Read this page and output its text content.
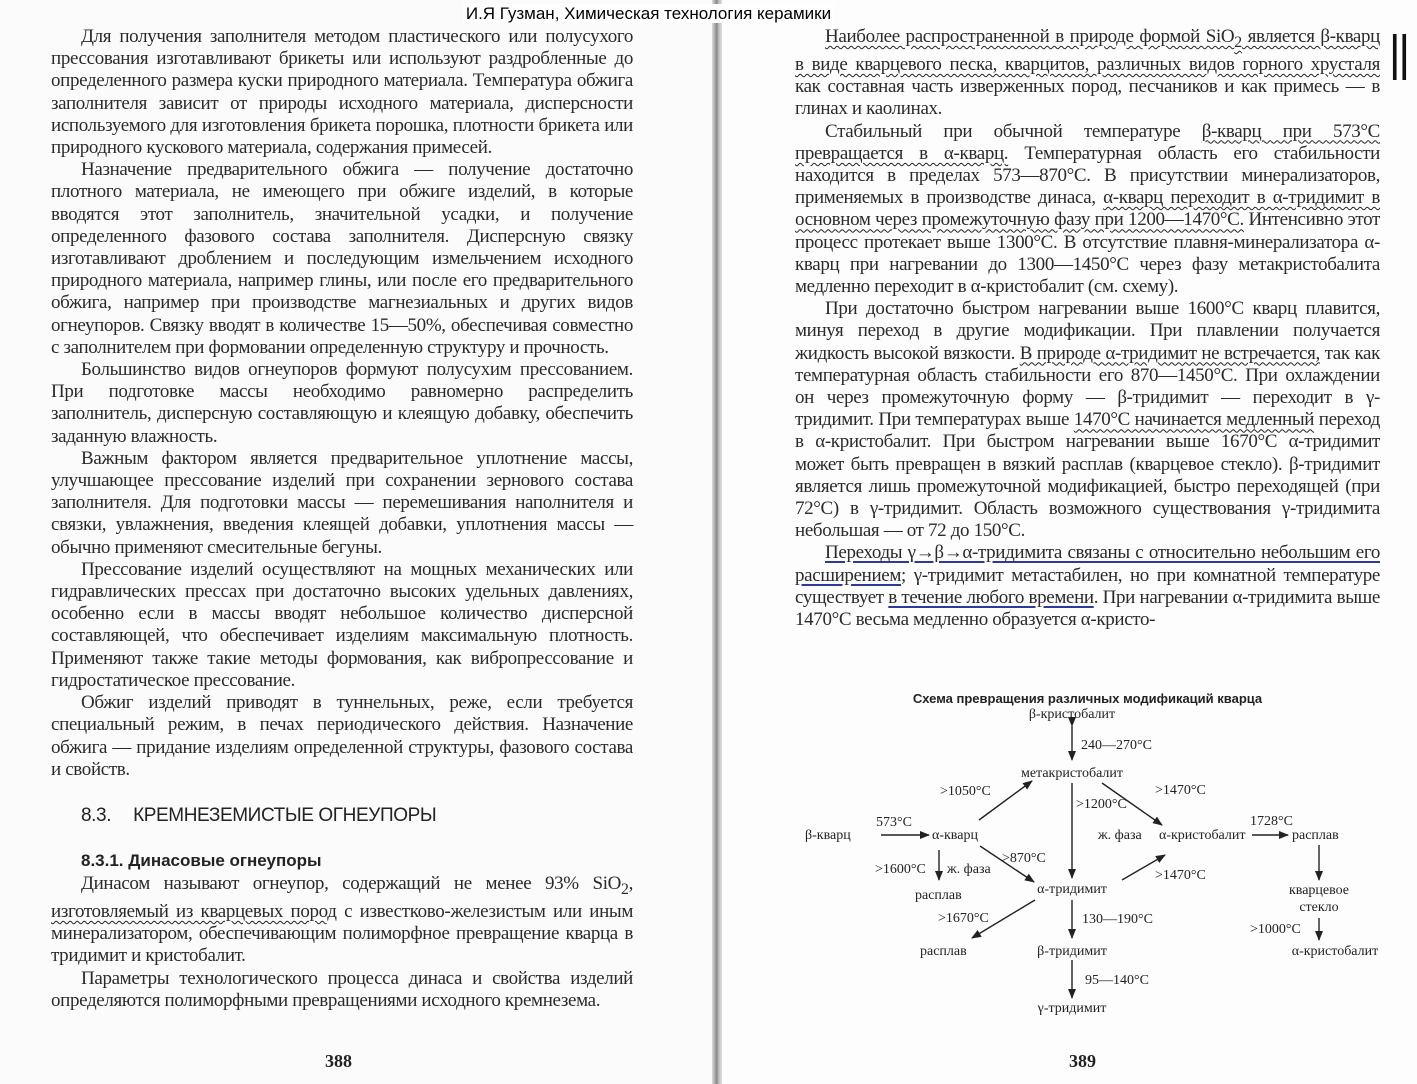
И.Я Гузман, Химическая технология керамики

Для получения заполнителя методом пластического или полусухого прессования изготавливают брикеты или используют раздробленные до определенного размера куски природного материала. Температура обжига заполнителя зависит от природы исходного материала, дисперсности используемого для изготовления брикета порошка, плотности брикета или природного кускового материала, содержания примесей.

Назначение предварительного обжига — получение достаточно плотного материала, не имеющего при обжиге изделий, в которые вводятся этот заполнитель, значительной усадки, и получение определенного фазового состава заполнителя. Дисперсную связку изготавливают дроблением и последующим измельчением исходного природного материала, например глины, или после его предварительного обжига, например при производстве магнезиальных и других видов огнеупоров. Связку вводят в количестве 15—50%, обеспечивая совместно с заполнителем при формовании определенную структуру и прочность.

Большинство видов огнеупоров формуют полусухим прессованием. При подготовке массы необходимо равномерно распределить заполнитель, дисперсную составляющую и клеящую добавку, обеспечить заданную влажность.

Важным фактором является предварительное уплотнение массы, улучшающее прессование изделий при сохранении зернового состава заполнителя. Для подготовки массы — перемешивания наполнителя и связки, увлажнения, введения клеящей добавки, уплотнения массы — обычно применяют смесительные бегуны.

Прессование изделий осуществляют на мощных механических или гидравлических прессах при достаточно высоких удельных давлениях, особенно если в массы вводят небольшое количество дисперсной составляющей, что обеспечивает изделиям максимальную плотность. Применяют также такие методы формования, как вибропрессование и гидростатическое прессование.

Обжиг изделий приводят в туннельных, реже, если требуется специальный режим, в печах периодического действия. Назначение обжига — придание изделиям определенной структуры, фазового состава и свойств.

8.3. КРЕМНЕЗЕМИСТЫЕ ОГНЕУПОРЫ
8.3.1. Динасовые огнеупоры

Динасом называют огнеупор, содержащий не менее 93% SiO$_2$, изготовляемый из кварцевых пород с известково-железистым или иным минерализатором, обеспечивающим полиморфное превращение кварца в тридимит и кристобалит.

Параметры технологического процесса динаса и свойства изделий определяются полиморфными превращениями исходного кремнезема.

388
||

Наиболее распространенной в природе формой SiO$_2$ является β-кварц в виде кварцевого песка, кварцитов, различных видов горного хрусталя как составная часть изверженных пород, песчаников и как примесь — в глинах и каолинах.

Стабильный при обычной температуре β-кварц при 573°С превращается в α-кварц. Температурная область его стабильности находится в пределах 573—870°С. В присутствии минерализаторов, применяемых в производстве динаса, α-кварц переходит в α-тридимит в основном через промежуточную фазу при 1200—1470°С. Интенсивно этот процесс протекает выше 1300°С. В отсутствие плавня-минерализатора α-кварц при нагревании до 1300—1450°С через фазу метакристобалита медленно переходит в α-кристобалит (см. схему).

При достаточно быстром нагревании выше 1600°С кварц плавится, минуя переход в другие модификации. При плавлении получается жидкость высокой вязкости. В природе α-тридимит не встречается, так как температурная область стабильности его 870—1450°С. При охлаждении он через промежуточную форму — β-тридимит — переходит в γ-тридимит. При температурах выше 1470°С начинается медленный переход в α-кристобалит. При быстром нагревании выше 1670°С α-тридимит может быть превращен в вязкий расплав (кварцевое стекло). β-тридимит является лишь промежуточной модификацией, быстро переходящей (при 72°С) в γ-тридимит. Область возможного существования γ-тридимита небольшая — от 72 до 150°С.

Переходы γ→β→α-тридимита связаны с относительно небольшим его расширением; γ-тридимит метастабилен, но при комнатной температуре существует в течение любого времени. При нагревании α-тридимита выше 1470°С весьма медленно образуется α-кристо-

Схема превращения различных модификаций кварца
β-кристобалит
240—270°С
метакристобалит
>1050°С	>1470°С
573°С
>1200°С
β-кварц	α-кварц	ж. фаза α-кристобалит
1728°С
расплав
>1600°С ж. фаза
>870°С
>1470°С
расплав	α-тридимит	кварцевое
стекло
>1670°С	130—190°С
>1000°С
расплав	β-тридимит	α-кристобалит
95—140°С
γ-тридимит
389
